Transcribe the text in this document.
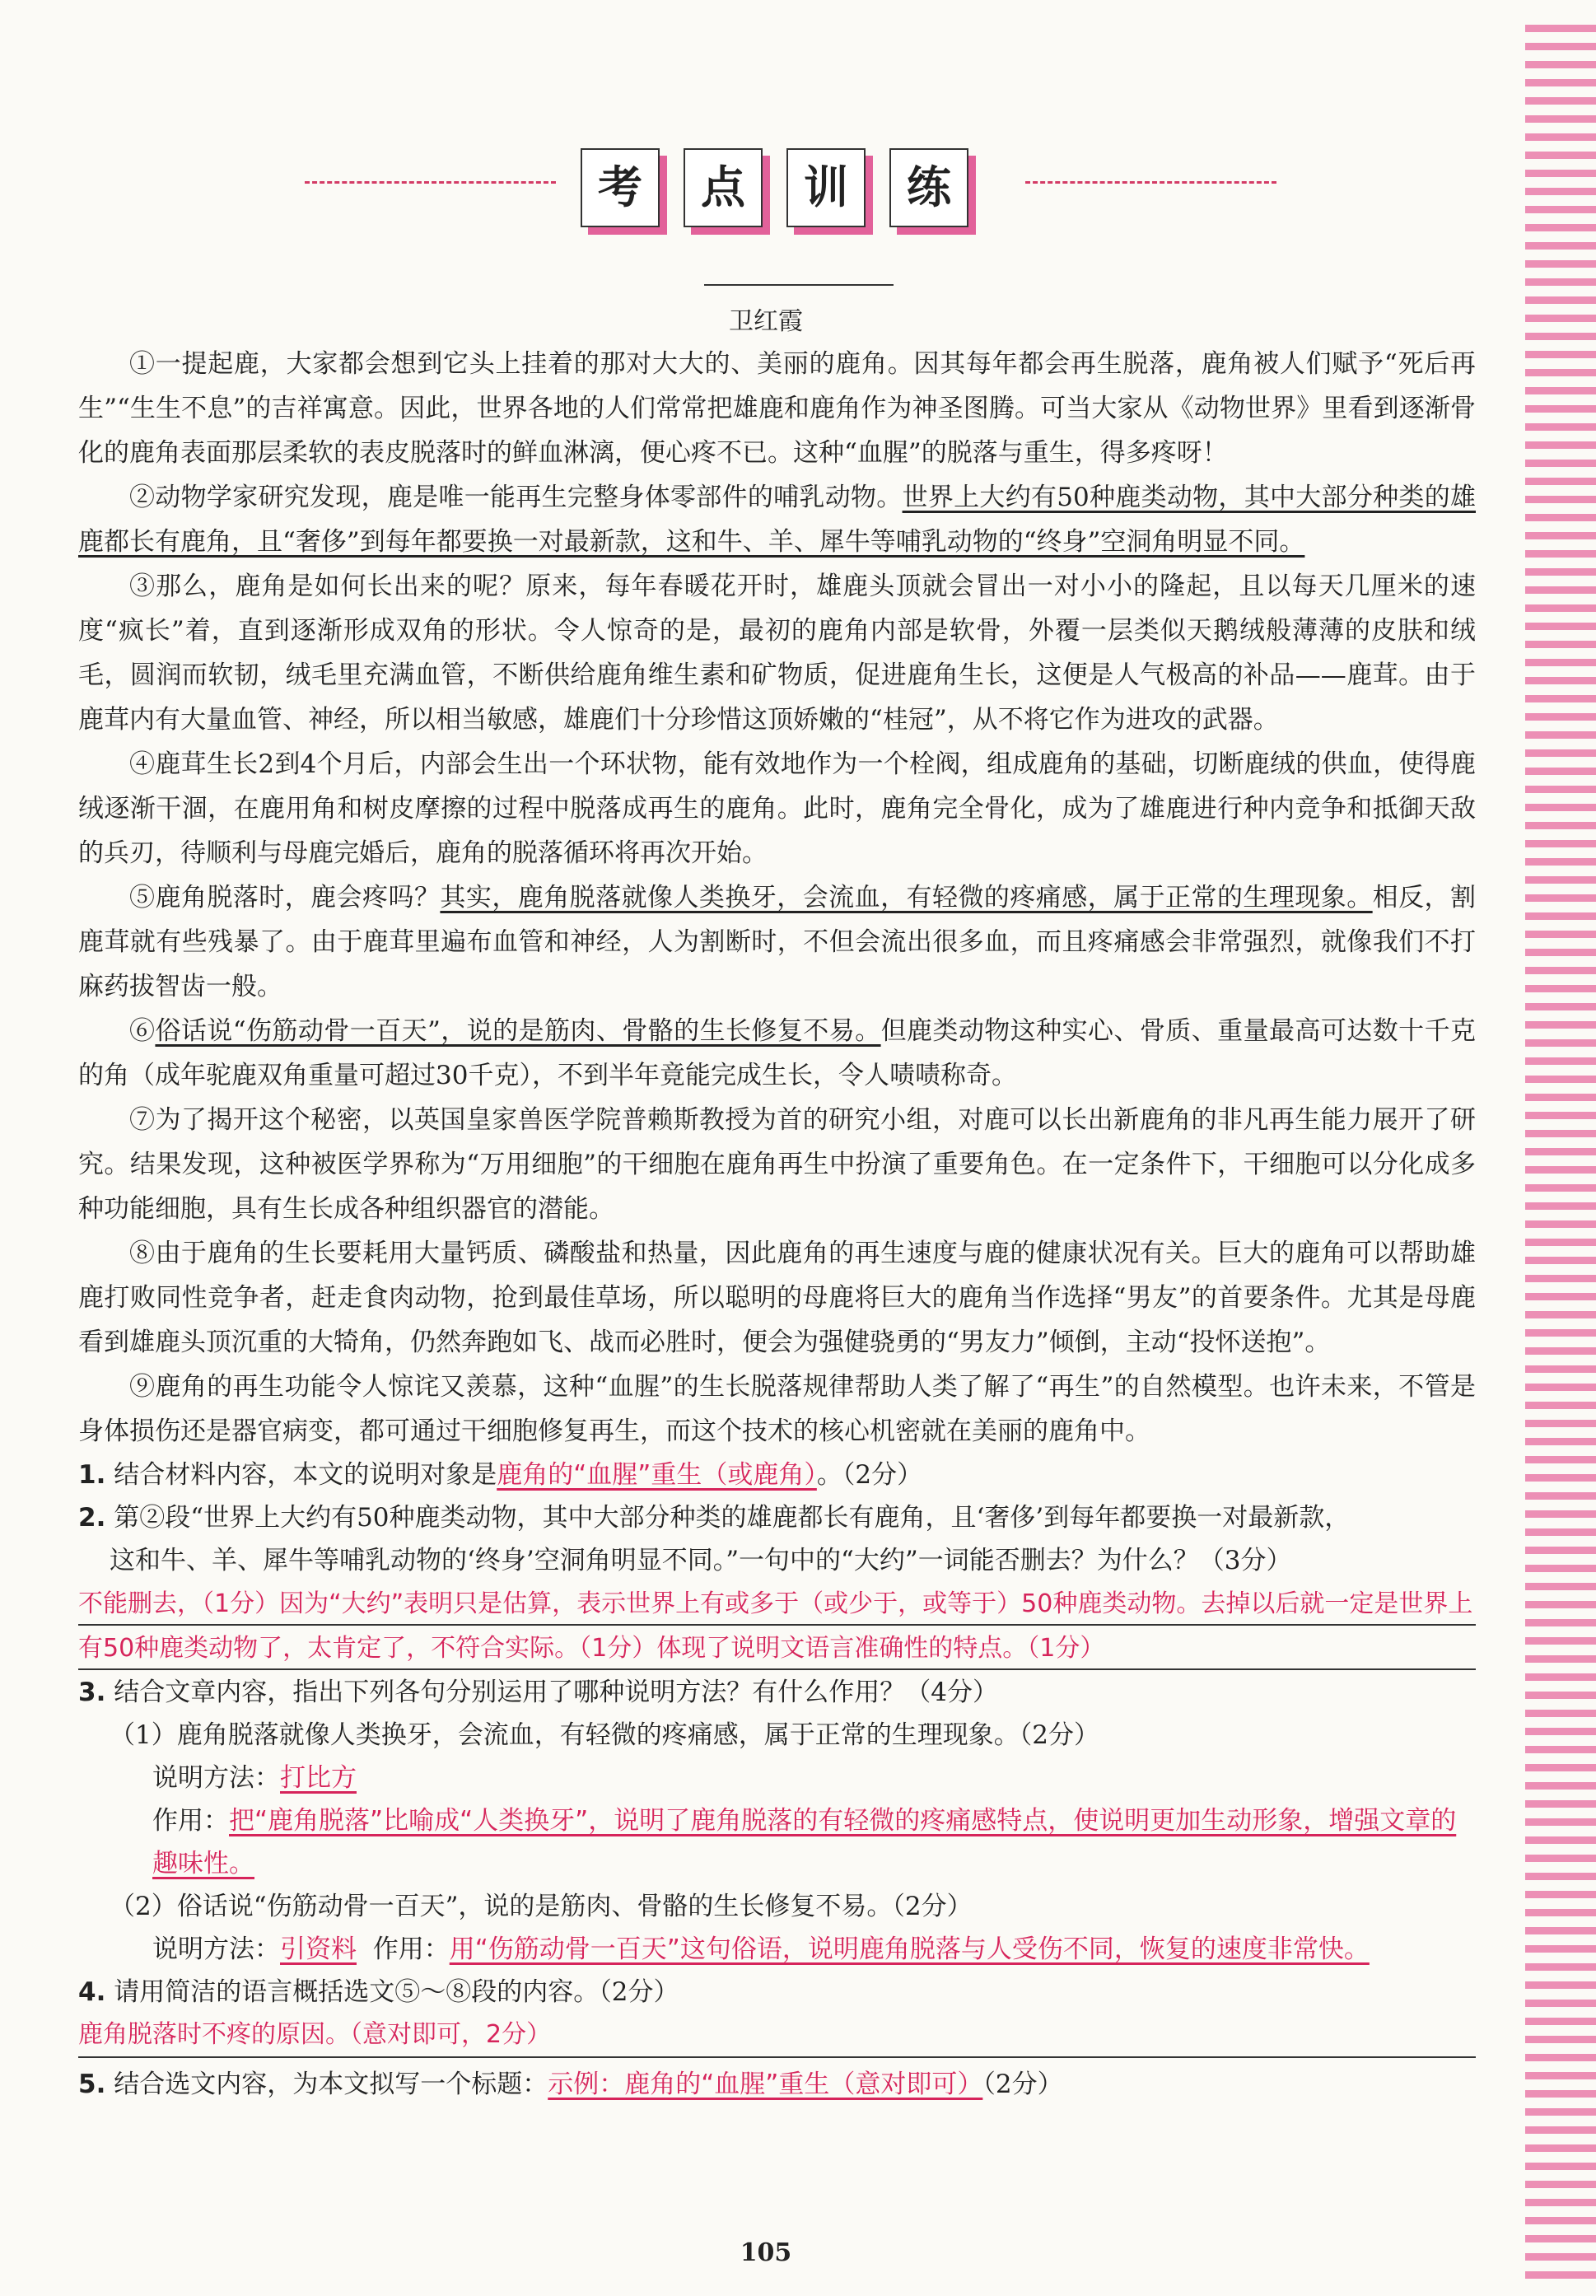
考	点	训	练
卫红霞

①一提起鹿，大家都会想到它头上挂着的那对大大的、美丽的鹿角。因其每年都会再生脱落，鹿角被人们赋予“死后再生”“生生不息”的吉祥寓意。因此，世界各地的人们常常把雄鹿和鹿角作为神圣图腾。可当大家从《动物世界》里看到逐渐骨化的鹿角表面那层柔软的表皮脱落时的鲜血淋漓，便心疼不已。这种“血腥”的脱落与重生，得多疼呀！

②动物学家研究发现，鹿是唯一能再生完整身体零部件的哺乳动物。世界上大约有50种鹿类动物，其中大部分种类的雄鹿都长有鹿角，且“奢侈”到每年都要换一对最新款，这和牛、羊、犀牛等哺乳动物的“终身”空洞角明显不同。

③那么，鹿角是如何长出来的呢？原来，每年春暖花开时，雄鹿头顶就会冒出一对小小的隆起，且以每天几厘米的速度“疯长”着，直到逐渐形成双角的形状。令人惊奇的是，最初的鹿角内部是软骨，外覆一层类似天鹅绒般薄薄的皮肤和绒毛，圆润而软韧，绒毛里充满血管，不断供给鹿角维生素和矿物质，促进鹿角生长，这便是人气极高的补品——鹿茸。由于鹿茸内有大量血管、神经，所以相当敏感，雄鹿们十分珍惜这顶娇嫩的“桂冠”，从不将它作为进攻的武器。

④鹿茸生长2到4个月后，内部会生出一个环状物，能有效地作为一个栓阀，组成鹿角的基础，切断鹿绒的供血，使得鹿绒逐渐干涸，在鹿用角和树皮摩擦的过程中脱落成再生的鹿角。此时，鹿角完全骨化，成为了雄鹿进行种内竞争和抵御天敌的兵刃，待顺利与母鹿完婚后，鹿角的脱落循环将再次开始。

⑤鹿角脱落时，鹿会疼吗？其实，鹿角脱落就像人类换牙，会流血，有轻微的疼痛感，属于正常的生理现象。相反，割鹿茸就有些残暴了。由于鹿茸里遍布血管和神经，人为割断时，不但会流出很多血，而且疼痛感会非常强烈，就像我们不打麻药拔智齿一般。

⑥俗话说“伤筋动骨一百天”，说的是筋肉、骨骼的生长修复不易。但鹿类动物这种实心、骨质、重量最高可达数十千克的角（成年驼鹿双角重量可超过30千克），不到半年竟能完成生长，令人啧啧称奇。

⑦为了揭开这个秘密，以英国皇家兽医学院普赖斯教授为首的研究小组，对鹿可以长出新鹿角的非凡再生能力展开了研究。结果发现，这种被医学界称为“万用细胞”的干细胞在鹿角再生中扮演了重要角色。在一定条件下，干细胞可以分化成多种功能细胞，具有生长成各种组织器官的潜能。

⑧由于鹿角的生长要耗用大量钙质、磷酸盐和热量，因此鹿角的再生速度与鹿的健康状况有关。巨大的鹿角可以帮助雄鹿打败同性竞争者，赶走食肉动物，抢到最佳草场，所以聪明的母鹿将巨大的鹿角当作选择“男友”的首要条件。尤其是母鹿看到雄鹿头顶沉重的大犄角，仍然奔跑如飞、战而必胜时，便会为强健骁勇的“男友力”倾倒，主动“投怀送抱”。

⑨鹿角的再生功能令人惊诧又羡慕，这种“血腥”的生长脱落规律帮助人类了解了“再生”的自然模型。也许未来，不管是身体损伤还是器官病变，都可通过干细胞修复再生，而这个技术的核心机密就在美丽的鹿角中。

1. 结合材料内容，本文的说明对象是鹿角的“血腥”重生（或鹿角）。（2分）

2. 第②段“世界上大约有50种鹿类动物，其中大部分种类的雄鹿都长有鹿角，且‘奢侈’到每年都要换一对最新款，

这和牛、羊、犀牛等哺乳动物的‘终身’空洞角明显不同。”一句中的“大约”一词能否删去？为什么？（3分）

不能删去，（1分）因为“大约”表明只是估算，表示世界上有或多于（或少于，或等于）50种鹿类动物。去掉以后就一定是世界上有50种鹿类动物了，太肯定了，不符合实际。（1分）体现了说明文语言准确性的特点。（1分）

3. 结合文章内容，指出下列各句分别运用了哪种说明方法？有什么作用？（4分）

（1）鹿角脱落就像人类换牙，会流血，有轻微的疼痛感，属于正常的生理现象。（2分）

说明方法：打比方

作用：把“鹿角脱落”比喻成“人类换牙”，说明了鹿角脱落的有轻微的疼痛感特点，使说明更加生动形象，增强文章的趣味性。

（2）俗话说“伤筋动骨一百天”，说的是筋肉、骨骼的生长修复不易。（2分）

说明方法：引资料 作用：用“伤筋动骨一百天”这句俗语，说明鹿角脱落与人受伤不同，恢复的速度非常快。

4. 请用简洁的语言概括选文⑤～⑧段的内容。（2分）

鹿角脱落时不疼的原因。（意对即可，2分）

5. 结合选文内容，为本文拟写一个标题：示例：鹿角的“血腥”重生（意对即可）（2分）

105
